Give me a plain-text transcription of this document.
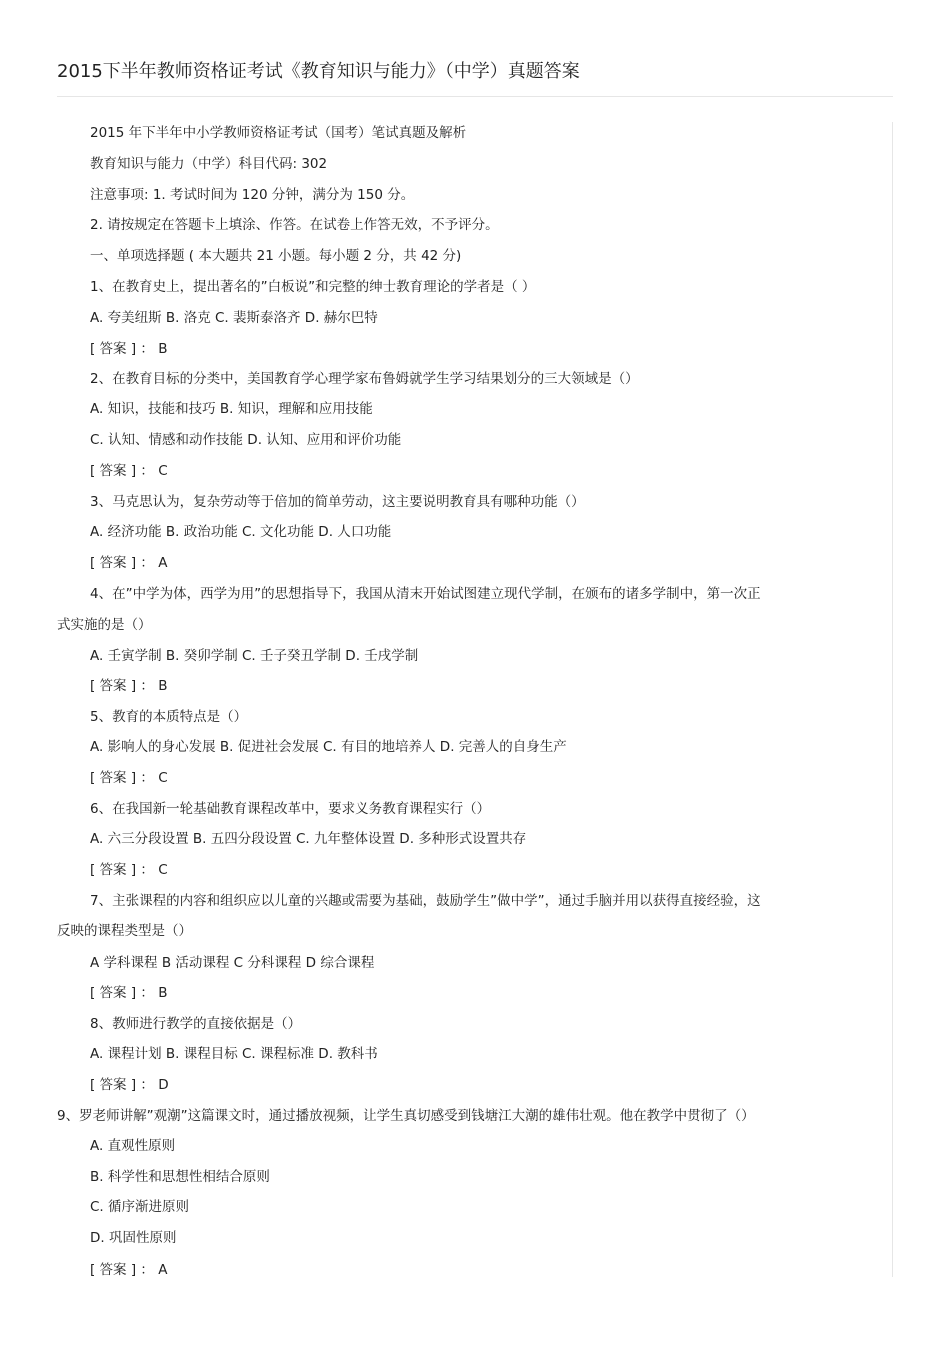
2015下半年教师资格证考试《教育知识与能力》（中学）真题答案
2015 年下半年中小学教师资格证考试（国考）笔试真题及解析
教育知识与能力（中学）科目代码: 302
注意事项: 1. 考试时间为 120 分钟，满分为 150 分。
2. 请按规定在答题卡上填涂、作答。在试卷上作答无效，不予评分。
一、单项选择题 ( 本大题共 21 小题。每小题 2 分，共 42 分)
1、在教育史上，提出著名的”白板说”和完整的绅士教育理论的学者是（ ）
A. 夸美纽斯 B. 洛克 C. 裴斯泰洛齐 D. 赫尔巴特
[ 答案 ] ： B
2、在教育目标的分类中，美国教育学心理学家布鲁姆就学生学习结果划分的三大领域是（）
A. 知识，技能和技巧 B. 知识，理解和应用技能
C. 认知、情感和动作技能 D. 认知、应用和评价功能
[ 答案 ] ： C
3、马克思认为，复杂劳动等于倍加的简单劳动，这主要说明教育具有哪种功能（）
A. 经济功能 B. 政治功能 C. 文化功能 D. 人口功能
[ 答案 ] ： A
4、在”中学为体，西学为用”的思想指导下，我国从清末开始试图建立现代学制，在颁布的诸多学制中，第一次正
式实施的是（）
A. 壬寅学制 B. 癸卯学制 C. 壬子癸丑学制 D. 壬戌学制
[ 答案 ] ： B
5、教育的本质特点是（）
A. 影响人的身心发展 B. 促进社会发展 C. 有目的地培养人 D. 完善人的自身生产
[ 答案 ] ： C
6、在我国新一轮基础教育课程改革中，要求义务教育课程实行（）
A. 六三分段设置 B. 五四分段设置 C. 九年整体设置 D. 多种形式设置共存
[ 答案 ] ： C
7、主张课程的内容和组织应以儿童的兴趣或需要为基础，鼓励学生”做中学”，通过手脑并用以获得直接经验，这
反映的课程类型是（）
A 学科课程 B 活动课程 C 分科课程 D 综合课程
[ 答案 ] ： B
8、教师进行教学的直接依据是（）
A. 课程计划 B. 课程目标 C. 课程标准 D. 教科书
[ 答案 ] ： D
9、罗老师讲解”观潮”这篇课文时，通过播放视频，让学生真切感受到钱塘江大潮的雄伟壮观。他在教学中贯彻了（）
A. 直观性原则
B. 科学性和思想性相结合原则
C. 循序渐进原则
D. 巩固性原则
[ 答案 ] ： A
